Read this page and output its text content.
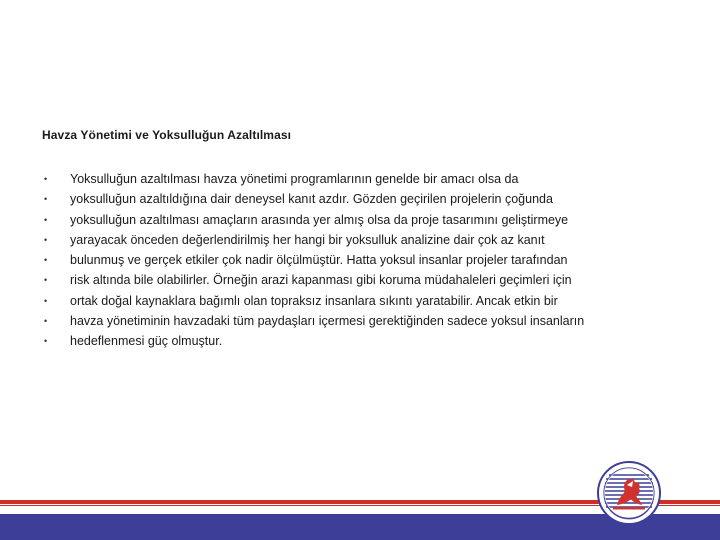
Havza Yönetimi ve Yoksulluğun Azaltılması
• Yoksulluğun azaltılması havza yönetimi programlarının genelde bir amacı olsa da
• yoksulluğun azaltıldığına dair deneysel kanıt azdır. Gözden geçirilen projelerin çoğunda
• yoksulluğun azaltılması amaçların arasında yer almış olsa da proje tasarımını geliştirmeye
• yarayacak önceden değerlendirilmiş her hangi bir yoksulluk analizine dair çok az kanıt
• bulunmuş ve gerçek etkiler çok nadir ölçülmüştür. Hatta yoksul insanlar projeler tarafından
• risk altında bile olabilirler. Örneğin arazi kapanması gibi koruma müdahaleleri geçimleri için
• ortak doğal kaynaklara bağımlı olan topraksız insanlara sıkıntı yaratabilir. Ancak etkin bir
• havza yönetiminin havzadaki tüm paydaşları içermesi gerektiğinden sadece yoksul insanların
• hedeflenmesi güç olmuştur.
